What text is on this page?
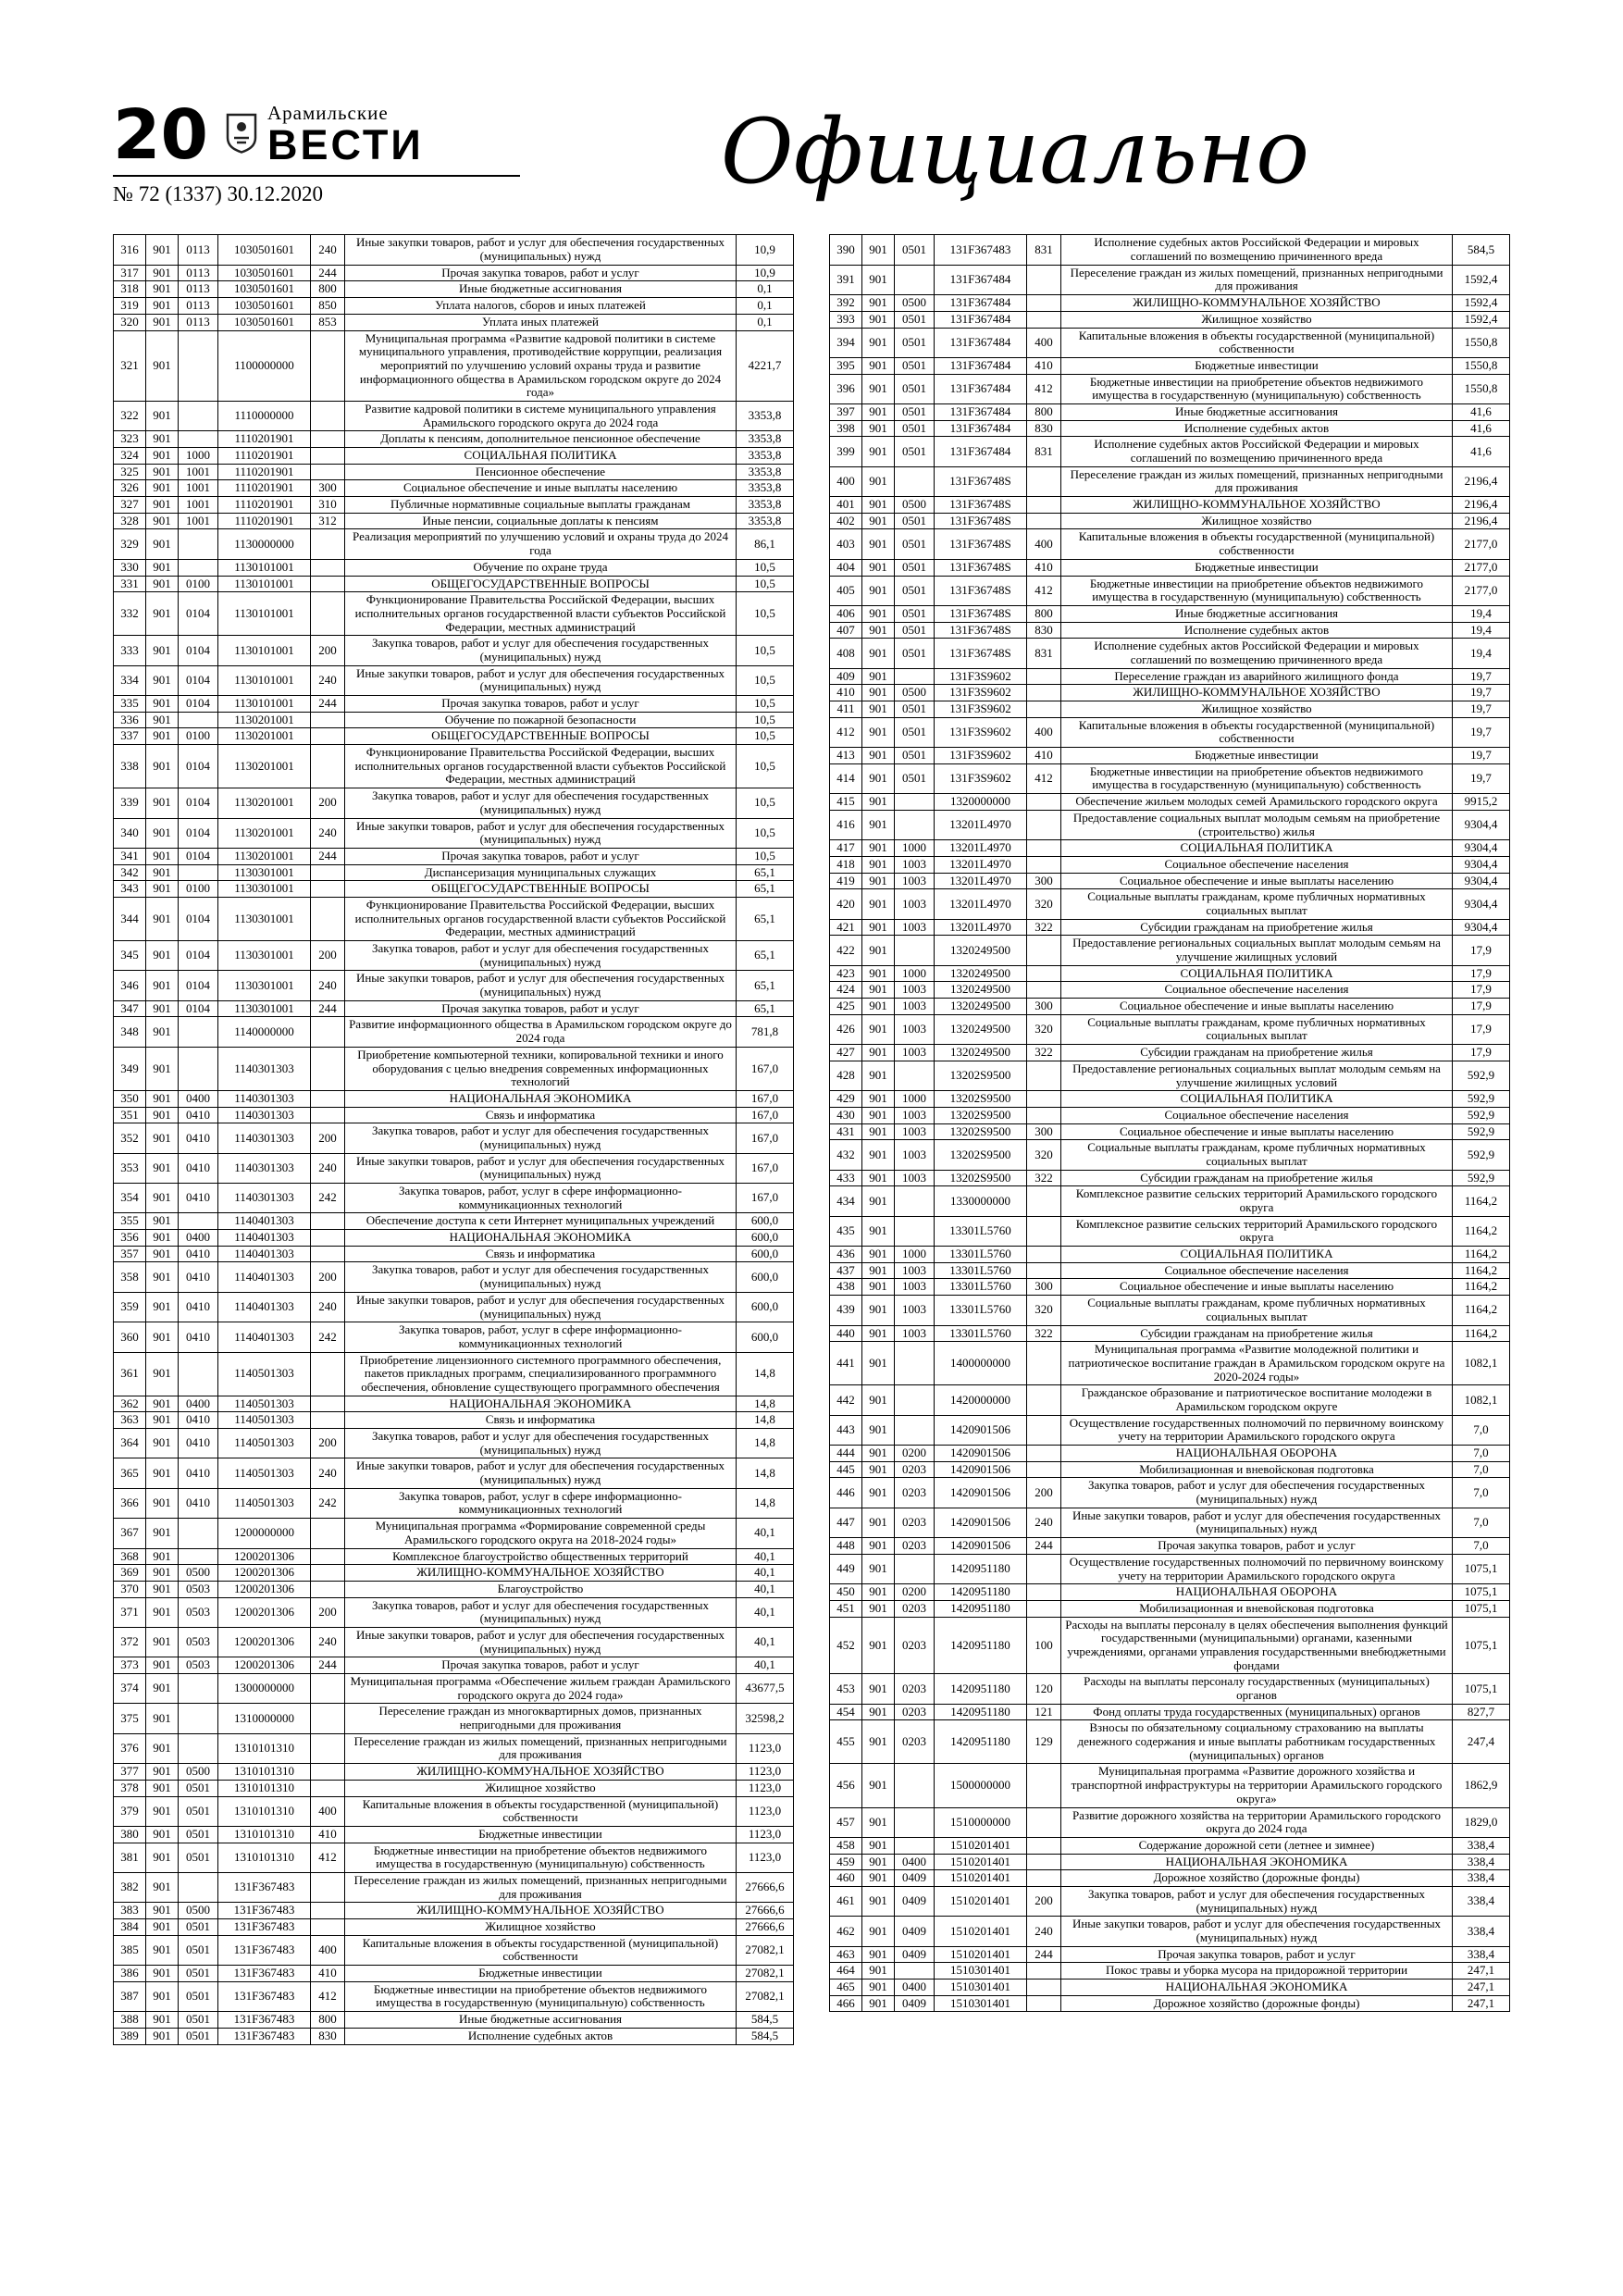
20	Арамильские
ВЕСТИ
№ 72 (1337) 30.12.2020	Официально
316	901	0113	1030501601	240	Иные закупки товаров, работ и услуг для обеспечения государственных (муниципальных) нужд	10,9
317	901	0113	1030501601	244	Прочая закупка товаров, работ и услуг	10,9
318	901	0113	1030501601	800	Иные бюджетные ассигнования	0,1
319	901	0113	1030501601	850	Уплата налогов, сборов и иных платежей	0,1
320	901	0113	1030501601	853	Уплата иных платежей	0,1
321	901		1100000000		Муниципальная программа «Развитие кадровой политики в системе муниципального управления, противодействие коррупции, реализация мероприятий по улучшению условий охраны труда и развитие информационного общества в Арамильском городском округе до 2024 года»	4221,7
322	901		1110000000		Развитие кадровой политики в системе муниципального управления Арамильского городского округа до 2024 года	3353,8
323	901		1110201901		Доплаты к пенсиям, дополнительное пенсионное обеспечение	3353,8
324	901	1000	1110201901		СОЦИАЛЬНАЯ ПОЛИТИКА	3353,8
325	901	1001	1110201901		Пенсионное обеспечение	3353,8
326	901	1001	1110201901	300	Социальное обеспечение и иные выплаты населению	3353,8
327	901	1001	1110201901	310	Публичные нормативные социальные выплаты гражданам	3353,8
328	901	1001	1110201901	312	Иные пенсии, социальные доплаты к пенсиям	3353,8
329	901		1130000000		Реализация мероприятий по улучшению условий и охраны труда до 2024 года	86,1
330	901		1130101001		Обучение по охране труда	10,5
331	901	0100	1130101001		ОБЩЕГОСУДАРСТВЕННЫЕ ВОПРОСЫ	10,5
332	901	0104	1130101001		Функционирование Правительства Российской Федерации, высших исполнительных органов государственной власти субъектов Российской Федерации, местных администраций	10,5
333	901	0104	1130101001	200	Закупка товаров, работ и услуг для обеспечения государственных (муниципальных) нужд	10,5
334	901	0104	1130101001	240	Иные закупки товаров, работ и услуг для обеспечения государственных (муниципальных) нужд	10,5
335	901	0104	1130101001	244	Прочая закупка товаров, работ и услуг	10,5
336	901		1130201001		Обучение по пожарной безопасности	10,5
337	901	0100	1130201001		ОБЩЕГОСУДАРСТВЕННЫЕ ВОПРОСЫ	10,5
338	901	0104	1130201001		Функционирование Правительства Российской Федерации, высших исполнительных органов государственной власти субъектов Российской Федерации, местных администраций	10,5
339	901	0104	1130201001	200	Закупка товаров, работ и услуг для обеспечения государственных (муниципальных) нужд	10,5
340	901	0104	1130201001	240	Иные закупки товаров, работ и услуг для обеспечения государственных (муниципальных) нужд	10,5
341	901	0104	1130201001	244	Прочая закупка товаров, работ и услуг	10,5
342	901		1130301001		Диспансеризация муниципальных служащих	65,1
343	901	0100	1130301001		ОБЩЕГОСУДАРСТВЕННЫЕ ВОПРОСЫ	65,1
344	901	0104	1130301001		Функционирование Правительства Российской Федерации, высших исполнительных органов государственной власти субъектов Российской Федерации, местных администраций	65,1
345	901	0104	1130301001	200	Закупка товаров, работ и услуг для обеспечения государственных (муниципальных) нужд	65,1
346	901	0104	1130301001	240	Иные закупки товаров, работ и услуг для обеспечения государственных (муниципальных) нужд	65,1
347	901	0104	1130301001	244	Прочая закупка товаров, работ и услуг	65,1
348	901		1140000000		Развитие информационного общества в Арамильском городском округе до 2024 года	781,8
349	901		1140301303		Приобретение компьютерной техники, копировальной техники и иного оборудования с целью внедрения современных информационных технологий	167,0
350	901	0400	1140301303		НАЦИОНАЛЬНАЯ ЭКОНОМИКА	167,0
351	901	0410	1140301303		Связь и информатика	167,0
352	901	0410	1140301303	200	Закупка товаров, работ и услуг для обеспечения государственных (муниципальных) нужд	167,0
353	901	0410	1140301303	240	Иные закупки товаров, работ и услуг для обеспечения государственных (муниципальных) нужд	167,0
354	901	0410	1140301303	242	Закупка товаров, работ, услуг в сфере информационно-коммуникационных технологий	167,0
355	901		1140401303		Обеспечение доступа к сети Интернет муниципальных учреждений	600,0
356	901	0400	1140401303		НАЦИОНАЛЬНАЯ ЭКОНОМИКА	600,0
357	901	0410	1140401303		Связь и информатика	600,0
358	901	0410	1140401303	200	Закупка товаров, работ и услуг для обеспечения государственных (муниципальных) нужд	600,0
359	901	0410	1140401303	240	Иные закупки товаров, работ и услуг для обеспечения государственных (муниципальных) нужд	600,0
360	901	0410	1140401303	242	Закупка товаров, работ, услуг в сфере информационно-коммуникационных технологий	600,0
361	901		1140501303		Приобретение лицензионного системного программного обеспечения, пакетов прикладных программ, специализированного программного обеспечения, обновление существующего программного обеспечения	14,8
362	901	0400	1140501303		НАЦИОНАЛЬНАЯ ЭКОНОМИКА	14,8
363	901	0410	1140501303		Связь и информатика	14,8
364	901	0410	1140501303	200	Закупка товаров, работ и услуг для обеспечения государственных (муниципальных) нужд	14,8
365	901	0410	1140501303	240	Иные закупки товаров, работ и услуг для обеспечения государственных (муниципальных) нужд	14,8
366	901	0410	1140501303	242	Закупка товаров, работ, услуг в сфере информационно-коммуникационных технологий	14,8
367	901		1200000000		Муниципальная программа «Формирование современной среды Арамильского городского округа на 2018-2024 годы»	40,1
368	901		1200201306		Комплексное благоустройство общественных территорий	40,1
369	901	0500	1200201306		ЖИЛИЩНО-КОММУНАЛЬНОЕ ХОЗЯЙСТВО	40,1
370	901	0503	1200201306		Благоустройство	40,1
371	901	0503	1200201306	200	Закупка товаров, работ и услуг для обеспечения государственных (муниципальных) нужд	40,1
372	901	0503	1200201306	240	Иные закупки товаров, работ и услуг для обеспечения государственных (муниципальных) нужд	40,1
373	901	0503	1200201306	244	Прочая закупка товаров, работ и услуг	40,1
374	901		1300000000		Муниципальная программа «Обеспечение жильем граждан Арамильского городского округа до 2024 года»	43677,5
375	901		1310000000		Переселение граждан из многоквартирных домов, признанных непригодными для проживания	32598,2
376	901		1310101310		Переселение граждан из жилых помещений, признанных непригодными для проживания	1123,0
377	901	0500	1310101310		ЖИЛИЩНО-КОММУНАЛЬНОЕ ХОЗЯЙСТВО	1123,0
378	901	0501	1310101310		Жилищное хозяйство	1123,0
379	901	0501	1310101310	400	Капитальные вложения в объекты государственной (муниципальной) собственности	1123,0
380	901	0501	1310101310	410	Бюджетные инвестиции	1123,0
381	901	0501	1310101310	412	Бюджетные инвестиции на приобретение объектов недвижимого имущества в государственную (муниципальную) собственность	1123,0
382	901		131F367483		Переселение граждан из жилых помещений, признанных непригодными для проживания	27666,6
383	901	0500	131F367483		ЖИЛИЩНО-КОММУНАЛЬНОЕ ХОЗЯЙСТВО	27666,6
384	901	0501	131F367483		Жилищное хозяйство	27666,6
385	901	0501	131F367483	400	Капитальные вложения в объекты государственной (муниципальной) собственности	27082,1
386	901	0501	131F367483	410	Бюджетные инвестиции	27082,1
387	901	0501	131F367483	412	Бюджетные инвестиции на приобретение объектов недвижимого имущества в государственную (муниципальную) собственность	27082,1
388	901	0501	131F367483	800	Иные бюджетные ассигнования	584,5
389	901	0501	131F367483	830	Исполнение судебных актов	584,5
390	901	0501	131F367483	831	Исполнение судебных актов Российской Федерации и мировых соглашений по возмещению причиненного вреда	584,5
391	901		131F367484		Переселение граждан из жилых помещений, признанных непригодными для проживания	1592,4
392	901	0500	131F367484		ЖИЛИЩНО-КОММУНАЛЬНОЕ ХОЗЯЙСТВО	1592,4
393	901	0501	131F367484		Жилищное хозяйство	1592,4
394	901	0501	131F367484	400	Капитальные вложения в объекты государственной (муниципальной) собственности	1550,8
395	901	0501	131F367484	410	Бюджетные инвестиции	1550,8
396	901	0501	131F367484	412	Бюджетные инвестиции на приобретение объектов недвижимого имущества в государственную (муниципальную) собственность	1550,8
397	901	0501	131F367484	800	Иные бюджетные ассигнования	41,6
398	901	0501	131F367484	830	Исполнение судебных актов	41,6
399	901	0501	131F367484	831	Исполнение судебных актов Российской Федерации и мировых соглашений по возмещению причиненного вреда	41,6
400	901		131F36748S		Переселение граждан из жилых помещений, признанных непригодными для проживания	2196,4
401	901	0500	131F36748S		ЖИЛИЩНО-КОММУНАЛЬНОЕ ХОЗЯЙСТВО	2196,4
402	901	0501	131F36748S		Жилищное хозяйство	2196,4
403	901	0501	131F36748S	400	Капитальные вложения в объекты государственной (муниципальной) собственности	2177,0
404	901	0501	131F36748S	410	Бюджетные инвестиции	2177,0
405	901	0501	131F36748S	412	Бюджетные инвестиции на приобретение объектов недвижимого имущества в государственную (муниципальную) собственность	2177,0
406	901	0501	131F36748S	800	Иные бюджетные ассигнования	19,4
407	901	0501	131F36748S	830	Исполнение судебных актов	19,4
408	901	0501	131F36748S	831	Исполнение судебных актов Российской Федерации и мировых соглашений по возмещению причиненного вреда	19,4
409	901		131F3S9602		Переселение граждан из аварийного жилищного фонда	19,7
410	901	0500	131F3S9602		ЖИЛИЩНО-КОММУНАЛЬНОЕ ХОЗЯЙСТВО	19,7
411	901	0501	131F3S9602		Жилищное хозяйство	19,7
412	901	0501	131F3S9602	400	Капитальные вложения в объекты государственной (муниципальной) собственности	19,7
413	901	0501	131F3S9602	410	Бюджетные инвестиции	19,7
414	901	0501	131F3S9602	412	Бюджетные инвестиции на приобретение объектов недвижимого имущества в государственную (муниципальную) собственность	19,7
415	901		1320000000		Обеспечение жильем молодых семей Арамильского городского округа	9915,2
416	901		13201L4970		Предоставление социальных выплат молодым семьям на приобретение (строительство) жилья	9304,4
417	901	1000	13201L4970		СОЦИАЛЬНАЯ ПОЛИТИКА	9304,4
418	901	1003	13201L4970		Социальное обеспечение населения	9304,4
419	901	1003	13201L4970	300	Социальное обеспечение и иные выплаты населению	9304,4
420	901	1003	13201L4970	320	Социальные выплаты гражданам, кроме публичных нормативных социальных выплат	9304,4
421	901	1003	13201L4970	322	Субсидии гражданам на приобретение жилья	9304,4
422	901		1320249500		Предоставление региональных социальных выплат молодым семьям на улучшение жилищных условий	17,9
423	901	1000	1320249500		СОЦИАЛЬНАЯ ПОЛИТИКА	17,9
424	901	1003	1320249500		Социальное обеспечение населения	17,9
425	901	1003	1320249500	300	Социальное обеспечение и иные выплаты населению	17,9
426	901	1003	1320249500	320	Социальные выплаты гражданам, кроме публичных нормативных социальных выплат	17,9
427	901	1003	1320249500	322	Субсидии гражданам на приобретение жилья	17,9
428	901		13202S9500		Предоставление региональных социальных выплат молодым семьям на улучшение жилищных условий	592,9
429	901	1000	13202S9500		СОЦИАЛЬНАЯ ПОЛИТИКА	592,9
430	901	1003	13202S9500		Социальное обеспечение населения	592,9
431	901	1003	13202S9500	300	Социальное обеспечение и иные выплаты населению	592,9
432	901	1003	13202S9500	320	Социальные выплаты гражданам, кроме публичных нормативных социальных выплат	592,9
433	901	1003	13202S9500	322	Субсидии гражданам на приобретение жилья	592,9
434	901		1330000000		Комплексное развитие сельских территорий Арамильского городского округа	1164,2
435	901		13301L5760		Комплексное развитие сельских территорий Арамильского городского округа	1164,2
436	901	1000	13301L5760		СОЦИАЛЬНАЯ ПОЛИТИКА	1164,2
437	901	1003	13301L5760		Социальное обеспечение населения	1164,2
438	901	1003	13301L5760	300	Социальное обеспечение и иные выплаты населению	1164,2
439	901	1003	13301L5760	320	Социальные выплаты гражданам, кроме публичных нормативных социальных выплат	1164,2
440	901	1003	13301L5760	322	Субсидии гражданам на приобретение жилья	1164,2
441	901		1400000000		Муниципальная программа «Развитие молодежной политики и патриотическое воспитание граждан в Арамильском городском округе на 2020-2024 годы»	1082,1
442	901		1420000000		Гражданское образование и патриотическое воспитание молодежи в Арамильском городском округе	1082,1
443	901		1420901506		Осуществление государственных полномочий по первичному воинскому учету на территории Арамильского городского округа	7,0
444	901	0200	1420901506		НАЦИОНАЛЬНАЯ ОБОРОНА	7,0
445	901	0203	1420901506		Мобилизационная и вневойсковая подготовка	7,0
446	901	0203	1420901506	200	Закупка товаров, работ и услуг для обеспечения государственных (муниципальных) нужд	7,0
447	901	0203	1420901506	240	Иные закупки товаров, работ и услуг для обеспечения государственных (муниципальных) нужд	7,0
448	901	0203	1420901506	244	Прочая закупка товаров, работ и услуг	7,0
449	901		1420951180		Осуществление государственных полномочий по первичному воинскому учету на территории Арамильского городского округа	1075,1
450	901	0200	1420951180		НАЦИОНАЛЬНАЯ ОБОРОНА	1075,1
451	901	0203	1420951180		Мобилизационная и вневойсковая подготовка	1075,1
452	901	0203	1420951180	100	Расходы на выплаты персоналу в целях обеспечения выполнения функций государственными (муниципальными) органами, казенными учреждениями, органами управления государственными внебюджетными фондами	1075,1
453	901	0203	1420951180	120	Расходы на выплаты персоналу государственных (муниципальных) органов	1075,1
454	901	0203	1420951180	121	Фонд оплаты труда государственных (муниципальных) органов	827,7
455	901	0203	1420951180	129	Взносы по обязательному социальному страхованию на выплаты денежного содержания и иные выплаты работникам государственных (муниципальных) органов	247,4
456	901		1500000000		Муниципальная программа «Развитие дорожного хозяйства и транспортной инфраструктуры на территории Арамильского городского округа»	1862,9
457	901		1510000000		Развитие дорожного хозяйства на территории Арамильского городского округа до 2024 года	1829,0
458	901		1510201401		Содержание дорожной сети (летнее и зимнее)	338,4
459	901	0400	1510201401		НАЦИОНАЛЬНАЯ ЭКОНОМИКА	338,4
460	901	0409	1510201401		Дорожное хозяйство (дорожные фонды)	338,4
461	901	0409	1510201401	200	Закупка товаров, работ и услуг для обеспечения государственных (муниципальных) нужд	338,4
462	901	0409	1510201401	240	Иные закупки товаров, работ и услуг для обеспечения государственных (муниципальных) нужд	338,4
463	901	0409	1510201401	244	Прочая закупка товаров, работ и услуг	338,4
464	901		1510301401		Покос травы и уборка мусора на придорожной территории	247,1
465	901	0400	1510301401		НАЦИОНАЛЬНАЯ ЭКОНОМИКА	247,1
466	901	0409	1510301401		Дорожное хозяйство (дорожные фонды)	247,1
